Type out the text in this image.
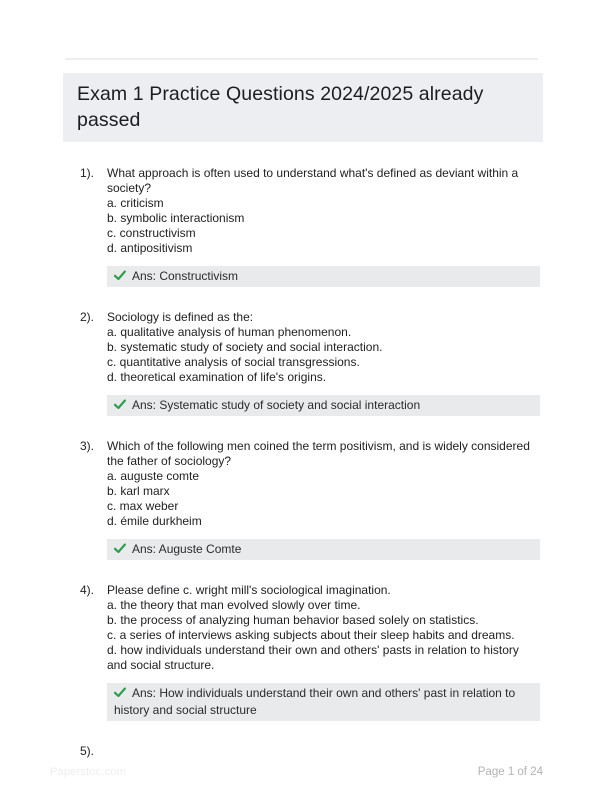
Exam 1 Practice Questions 2024/2025 already passed
1).	What approach is often used to understand what's defined as deviant within a society?
a. criticism
b. symbolic interactionism
c. constructivism
d. antipositivism
Ans: Constructivism
2).	Sociology is defined as the:
a. qualitative analysis of human phenomenon.
b. systematic study of society and social interaction.
c. quantitative analysis of social transgressions.
d. theoretical examination of life's origins.
Ans: Systematic study of society and social interaction
3).	Which of the following men coined the term positivism, and is widely considered the father of sociology?
a. auguste comte
b. karl marx
c. max weber
d. émile durkheim
Ans: Auguste Comte
4).	Please define c. wright mill's sociological imagination.
a. the theory that man evolved slowly over time.
b. the process of analyzing human behavior based solely on statistics.
c. a series of interviews asking subjects about their sleep habits and dreams.
d. how individuals understand their own and others' pasts in relation to history and social structure.
Ans: How individuals understand their own and others' past in relation to history and social structure
5).
Paperstoc.com	Page 1 of 24
